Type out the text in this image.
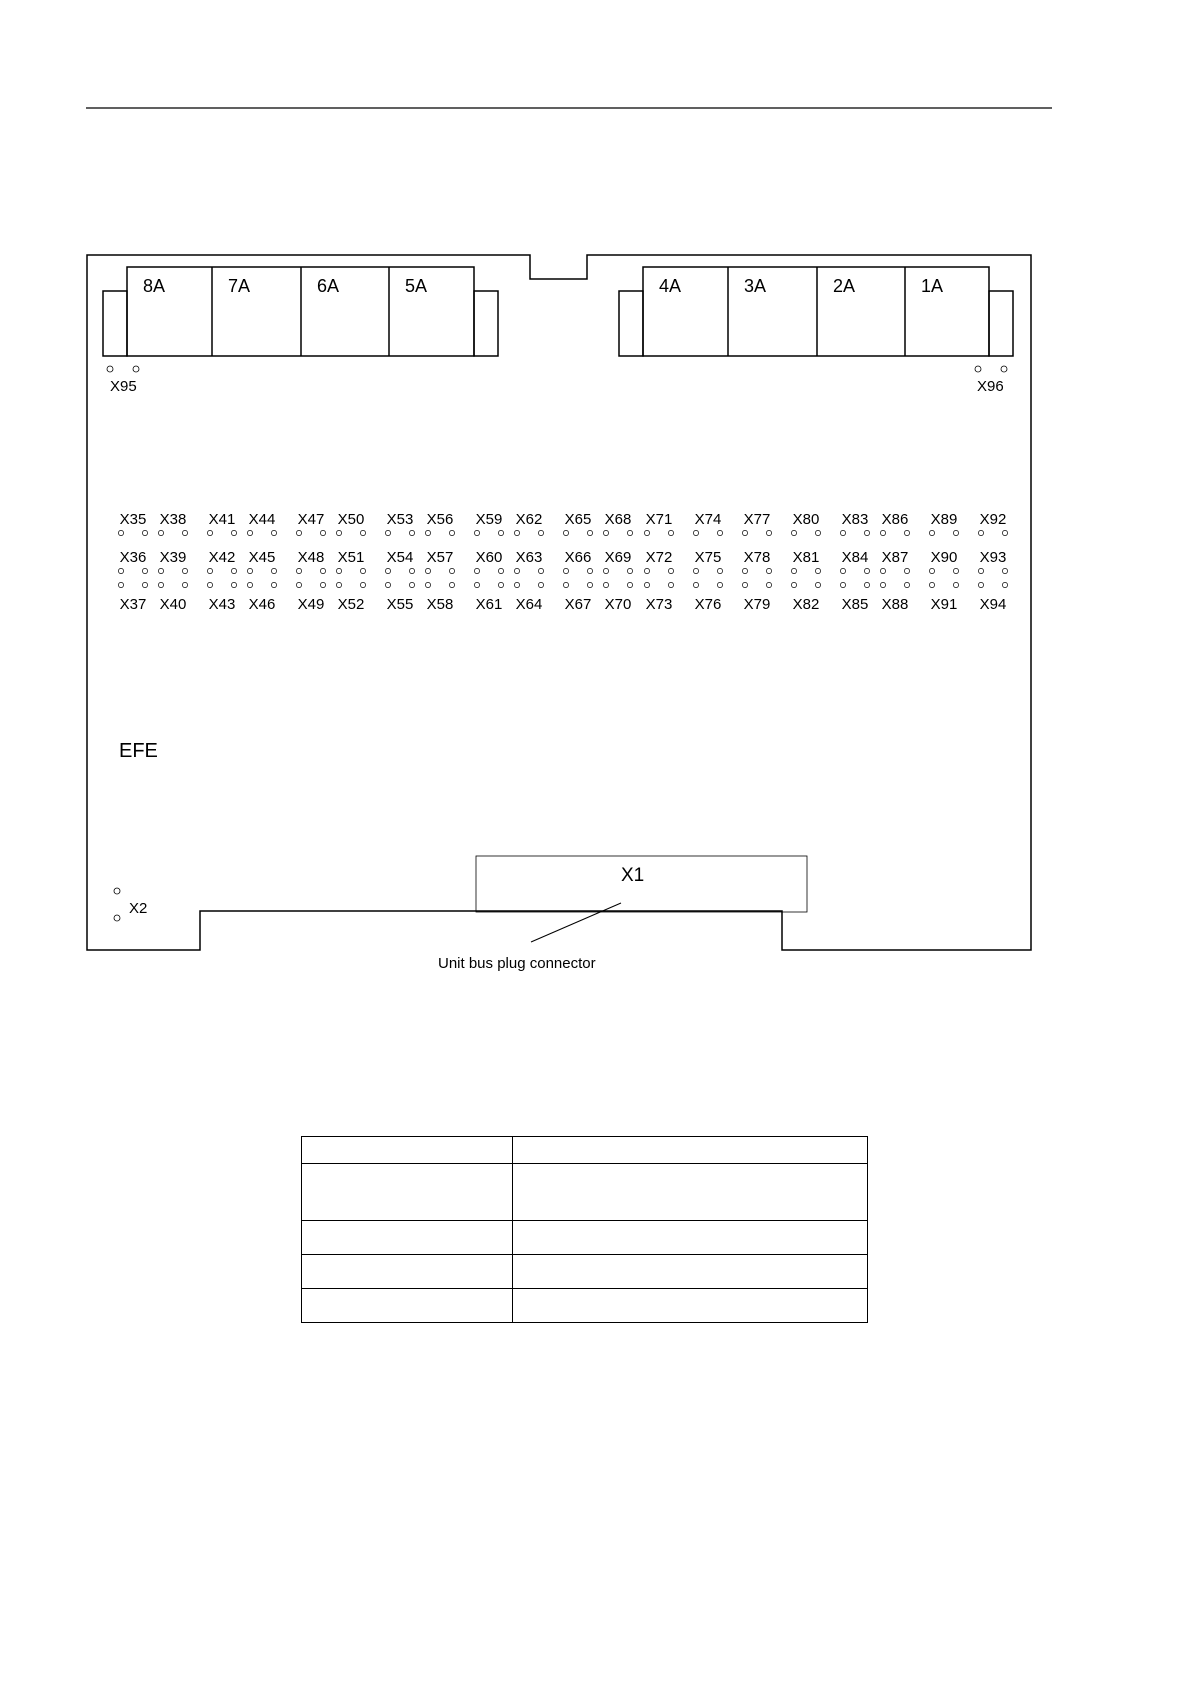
8A	7A	6A	5A	4A	3A	2A	1A
X95	X96
X35 X38 X41 X44 X47 X50 X53 X56 X59 X62 X65 X68 X71 X74 X77 X80 X83 X86 X89 X92
X36 X39 X42 X45 X48 X51 X54 X57 X60 X63 X66 X69 X72 X75 X78 X81 X84 X87 X90 X93
X37 X40 X43 X46 X49 X52 X55 X58 X61 X64 X67 X70 X73 X76 X79 X82 X85 X88 X91 X94
EFE
X1
Unit bus plug connector
X2
